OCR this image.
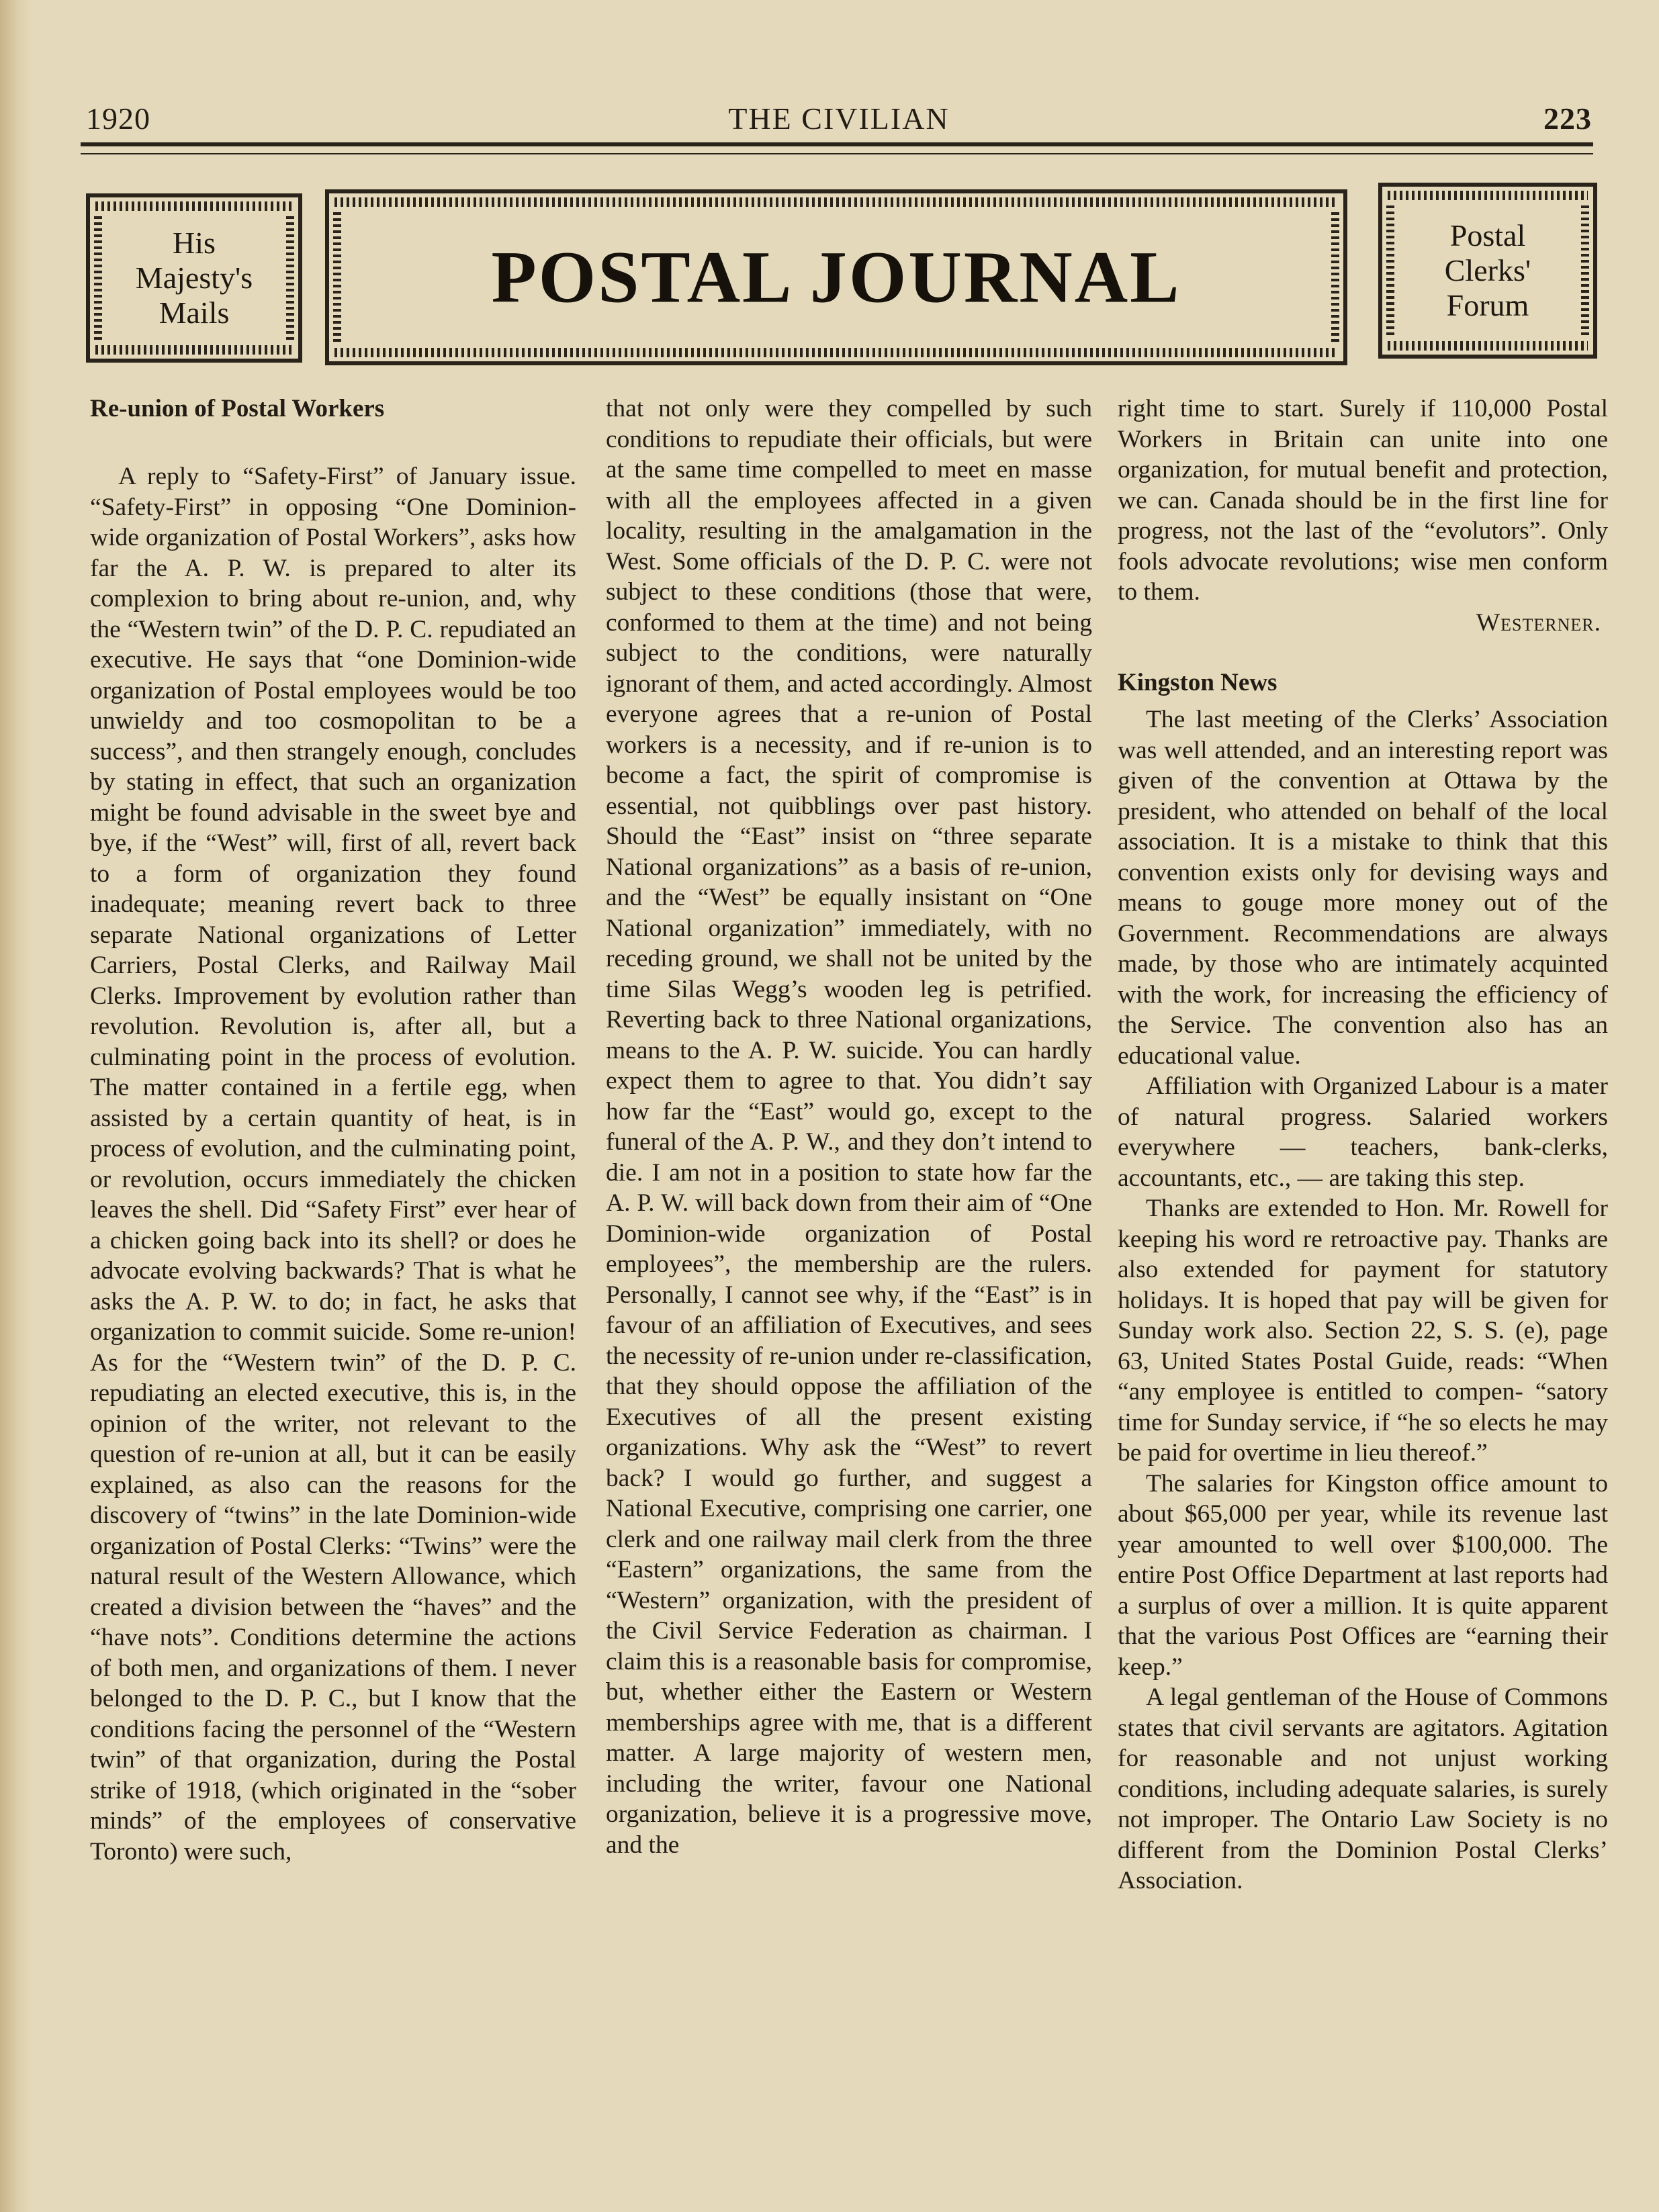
1920	THE CIVILIAN	223
His
Majesty's
Mails	POSTAL JOURNAL
Postal
Clerks'
Forum
Re-union of Postal Workers

A reply to “Safety-First” of January issue. “Safety-First” in opposing “One Dominion-wide organization of Postal Workers”, asks how far the A. P. W. is prepared to alter its complexion to bring about re-union, and, why the “Western twin” of the D. P. C. repudiated an executive. He says that “one Dominion-wide organization of Postal employees would be too unwieldy and too cosmopolitan to be a success”, and then strangely enough, concludes by stating in effect, that such an organization might be found advisable in the sweet bye and bye, if the “West” will, first of all, revert back to a form of organization they found inadequate; meaning revert back to three separate National organizations of Letter Carriers, Postal Clerks, and Railway Mail Clerks. Improvement by evolution rather than revolution. Revolution is, after all, but a culminating point in the process of evolution. The matter contained in a fertile egg, when assisted by a certain quantity of heat, is in process of evolution, and the culminating point, or revolution, occurs immediately the chicken leaves the shell. Did “Safety First” ever hear of a chicken going back into its shell? or does he advocate evolving backwards? That is what he asks the A. P. W. to do; in fact, he asks that organization to commit suicide. Some re-union! As for the “Western twin” of the D. P. C. repudiating an elected executive, this is, in the opinion of the writer, not relevant to the question of re-union at all, but it can be easily explained, as also can the reasons for the discovery of “twins” in the late Dominion-wide organization of Postal Clerks: “Twins” were the natural result of the Western Allowance, which created a division between the “haves” and the “have nots”. Conditions determine the actions of both men, and organizations of them. I never belonged to the D. P. C., but I know that the conditions facing the personnel of the “Western twin” of that organization, during the Postal strike of 1918, (which originated in the “sober minds” of the employees of conservative Toronto) were such,

that not only were they compelled by such conditions to repudiate their officials, but were at the same time compelled to meet en masse with all the employees affected in a given locality, resulting in the amalgamation in the West. Some officials of the D. P. C. were not subject to these conditions (those that were, conformed to them at the time) and not being subject to the conditions, were naturally ignorant of them, and acted accordingly. Almost everyone agrees that a re-union of Postal workers is a necessity, and if re-union is to become a fact, the spirit of compromise is essential, not quibblings over past history. Should the “East” insist on “three separate National organizations” as a basis of re-union, and the “West” be equally insistant on “One National organization” immediately, with no receding ground, we shall not be united by the time Silas Wegg’s wooden leg is petrified. Reverting back to three National organizations, means to the A. P. W. suicide. You can hardly expect them to agree to that. You didn’t say how far the “East” would go, except to the funeral of the A. P. W., and they don’t intend to die. I am not in a position to state how far the A. P. W. will back down from their aim of “One Dominion-wide organization of Postal employees”, the membership are the rulers. Personally, I cannot see why, if the “East” is in favour of an affiliation of Executives, and sees the necessity of re-union under re-classification, that they should oppose the affiliation of the Executives of all the present existing organizations. Why ask the “West” to revert back? I would go further, and suggest a National Executive, comprising one carrier, one clerk and one railway mail clerk from the three “Eastern” organizations, the same from the “Western” organization, with the president of the Civil Service Federation as chairman. I claim this is a reasonable basis for compromise, but, whether either the Eastern or Western memberships agree with me, that is a different matter. A large majority of western men, including the writer, favour one National organization, believe it is a progressive move, and the

right time to start. Surely if 110,000 Postal Workers in Britain can unite into one organization, for mutual benefit and protection, we can. Canada should be in the first line for progress, not the last of the “evolutors”. Only fools advocate revolutions; wise men conform to them.

Westerner.

Kingston News

The last meeting of the Clerks’ Association was well attended, and an interesting report was given of the convention at Ottawa by the president, who attended on behalf of the local association. It is a mistake to think that this convention exists only for devising ways and means to gouge more money out of the Government. Recommendations are always made, by those who are intimately acquinted with the work, for increasing the efficiency of the Service. The convention also has an educational value.

Affiliation with Organized Labour is a mater of natural progress. Salaried workers everywhere — teachers, bank-clerks, accountants, etc., — are taking this step.

Thanks are extended to Hon. Mr. Rowell for keeping his word re retroactive pay. Thanks are also extended for payment for statutory holidays. It is hoped that pay will be given for Sunday work also. Section 22, S. S. (e), page 63, United States Postal Guide, reads: “When “any employee is entitled to compen- “satory time for Sunday service, if “he so elects he may be paid for overtime in lieu thereof.”

The salaries for Kingston office amount to about $65,000 per year, while its revenue last year amounted to well over $100,000. The entire Post Office Department at last reports had a surplus of over a million. It is quite apparent that the various Post Offices are “earning their keep.”

A legal gentleman of the House of Commons states that civil servants are agitators. Agitation for reasonable and not unjust working conditions, including adequate salaries, is surely not improper. The Ontario Law Society is no different from the Dominion Postal Clerks’ Association.
